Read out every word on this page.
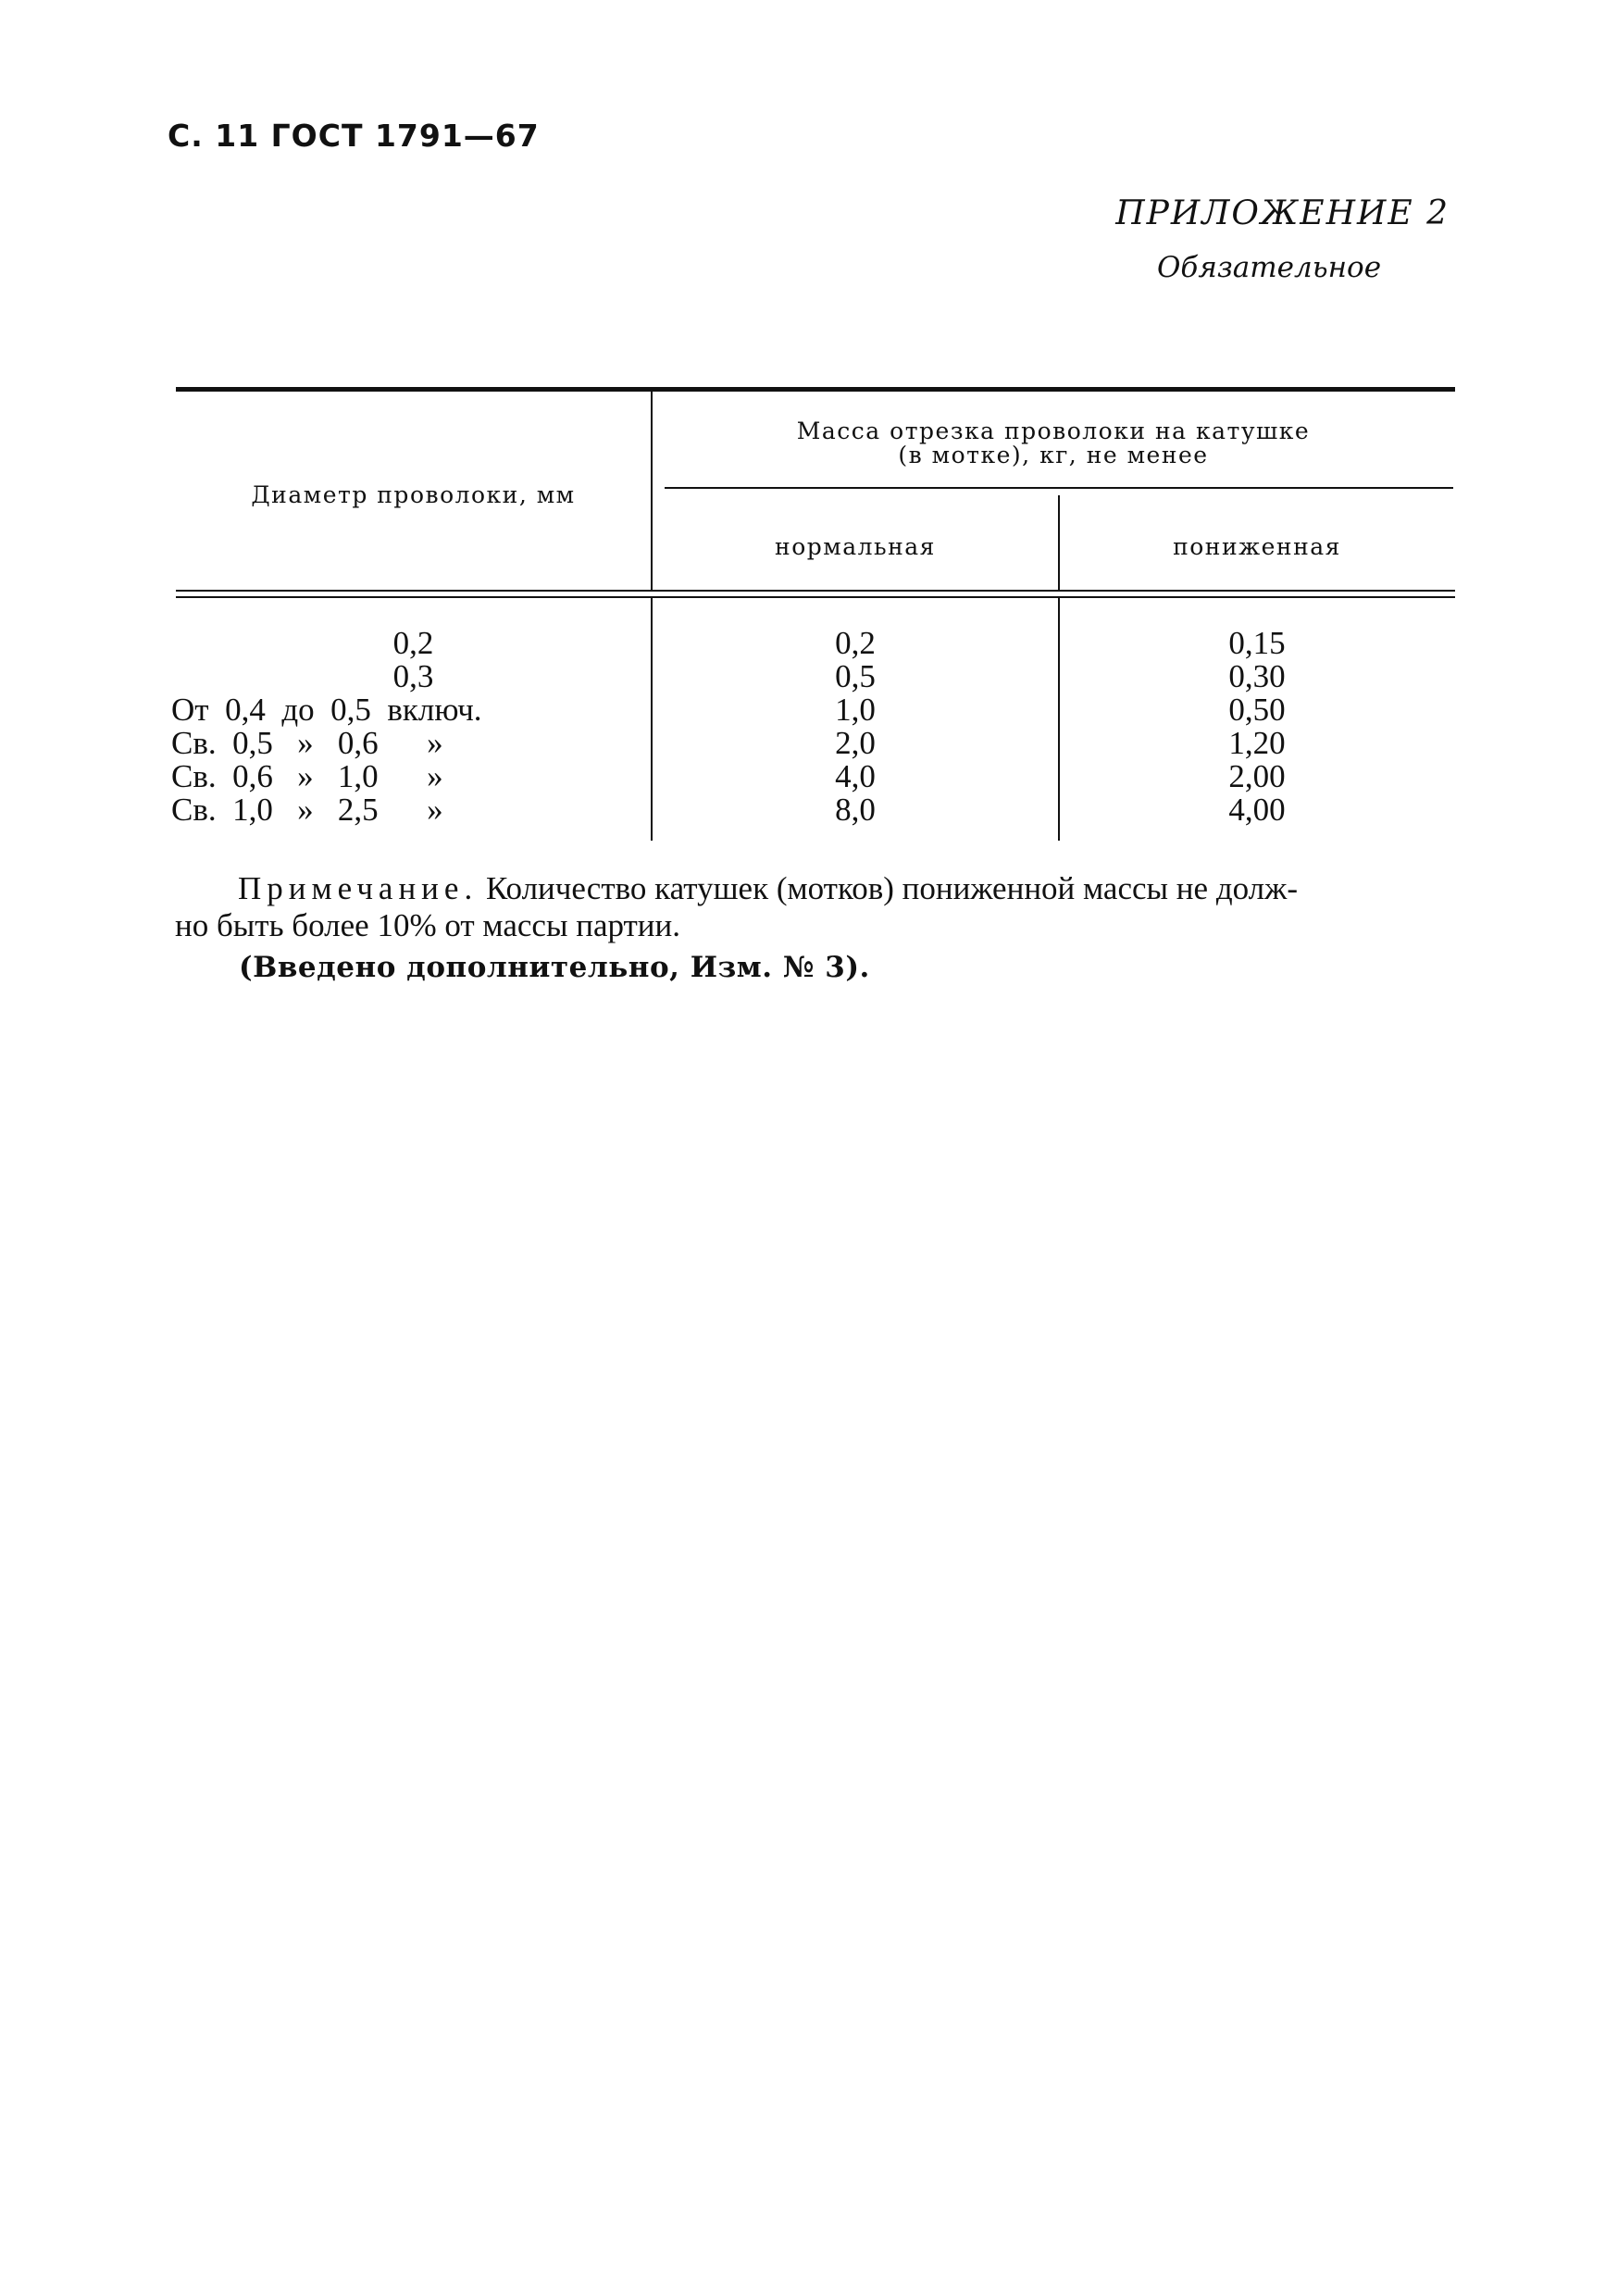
С. 11 ГОСТ 1791—67
ПРИЛОЖЕНИЕ 2
Обязательное
Диаметр проволоки, мм
Масса отрезка проволоки на катушке
(в мотке), кг, не менее
нормальная	пониженная
0,2	0,2	0,15
0,3	0,5	0,30
От  0,4  до  0,5  включ.	1,0	0,50
Св.  0,5   »   0,6      »	2,0	1,20
Св.  0,6   »   1,0      »	4,0	2,00
Св.  1,0   »   2,5      »	8,0	4,00
Примечание. Количество катушек (мотков) пониженной массы не долж-
но быть более 10% от массы партии.
(Введено дополнительно, Изм. № 3).
